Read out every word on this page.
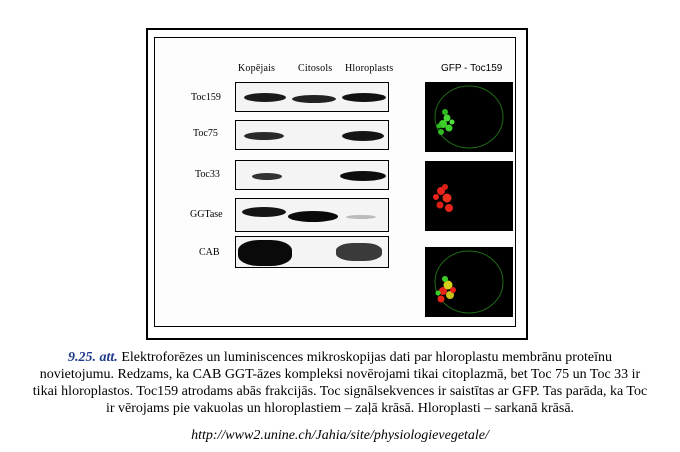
Kopējais Citosols Hloroplasts
Toc159
Toc75
Toc33
GGTase
CAB
GFP - Toc159
9.25. att. Elektroforēzes un luminiscences mikroskopijas dati par hloroplastu membrānu proteīnu novietojumu. Redzams, ka CAB GGT-āzes kompleksi novērojami tikai citoplazmā, bet Toc 75 un Toc 33 ir tikai hloroplastos. Toc159 atrodams abās frakcijās. Toc signālsekvences ir saistītas ar GFP. Tas parāda, ka Toc ir vērojams pie vakuolas un hloroplastiem – zaļā krāsā. Hloroplasti – sarkanā krāsā.
http://www2.unine.ch/Jahia/site/physiologievegetale/
